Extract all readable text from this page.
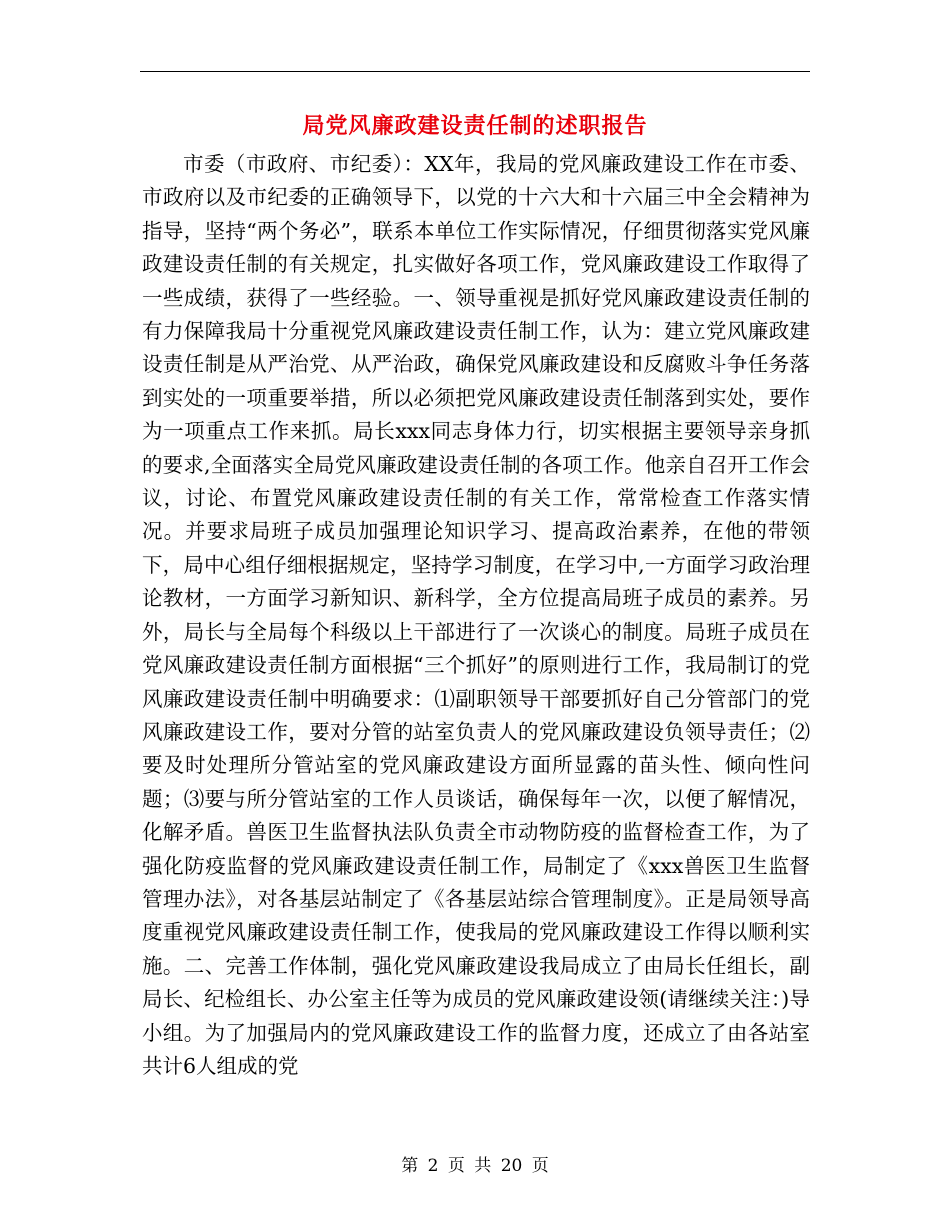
局党风廉政建设责任制的述职报告

市委（市政府、市纪委）：XX年，我局的党风廉政建设工作在市委、市政府以及市纪委的正确领导下，以党的十六大和十六届三中全会精神为指导，坚持“两个务必”，联系本单位工作实际情况，仔细贯彻落实党风廉政建设责任制的有关规定，扎实做好各项工作，党风廉政建设工作取得了一些成绩，获得了一些经验。一、领导重视是抓好党风廉政建设责任制的有力保障我局十分重视党风廉政建设责任制工作，认为：建立党风廉政建设责任制是从严治党、从严治政，确保党风廉政建设和反腐败斗争任务落到实处的一项重要举措，所以必须把党风廉政建设责任制落到实处，要作为一项重点工作来抓。局长xxx同志身体力行，切实根据主要领导亲身抓的要求,全面落实全局党风廉政建设责任制的各项工作。他亲自召开工作会议，讨论、布置党风廉政建设责任制的有关工作，常常检查工作落实情况。并要求局班子成员加强理论知识学习、提高政治素养，在他的带领下，局中心组仔细根据规定，坚持学习制度，在学习中,一方面学习政治理论教材，一方面学习新知识、新科学，全方位提高局班子成员的素养。另外，局长与全局每个科级以上干部进行了一次谈心的制度。局班子成员在党风廉政建设责任制方面根据“三个抓好”的原则进行工作，我局制订的党风廉政建设责任制中明确要求：⑴副职领导干部要抓好自己分管部门的党风廉政建设工作，要对分管的站室负责人的党风廉政建设负领导责任；⑵要及时处理所分管站室的党风廉政建设方面所显露的苗头性、倾向性问题；⑶要与所分管站室的工作人员谈话，确保每年一次，以便了解情况，化解矛盾。兽医卫生监督执法队负责全市动物防疫的监督检查工作，为了强化防疫监督的党风廉政建设责任制工作，局制定了《xxx兽医卫生监督管理办法》，对各基层站制定了《各基层站综合管理制度》。正是局领导高度重视党风廉政建设责任制工作，使我局的党风廉政建设工作得以顺利实施。二、完善工作体制，强化党风廉政建设我局成立了由局长任组长，副局长、纪检组长、办公室主任等为成员的党风廉政建设领(请继续关注：)导小组。为了加强局内的党风廉政建设工作的监督力度，还成立了由各站室共计6人组成的党

第 2 页 共 20 页
